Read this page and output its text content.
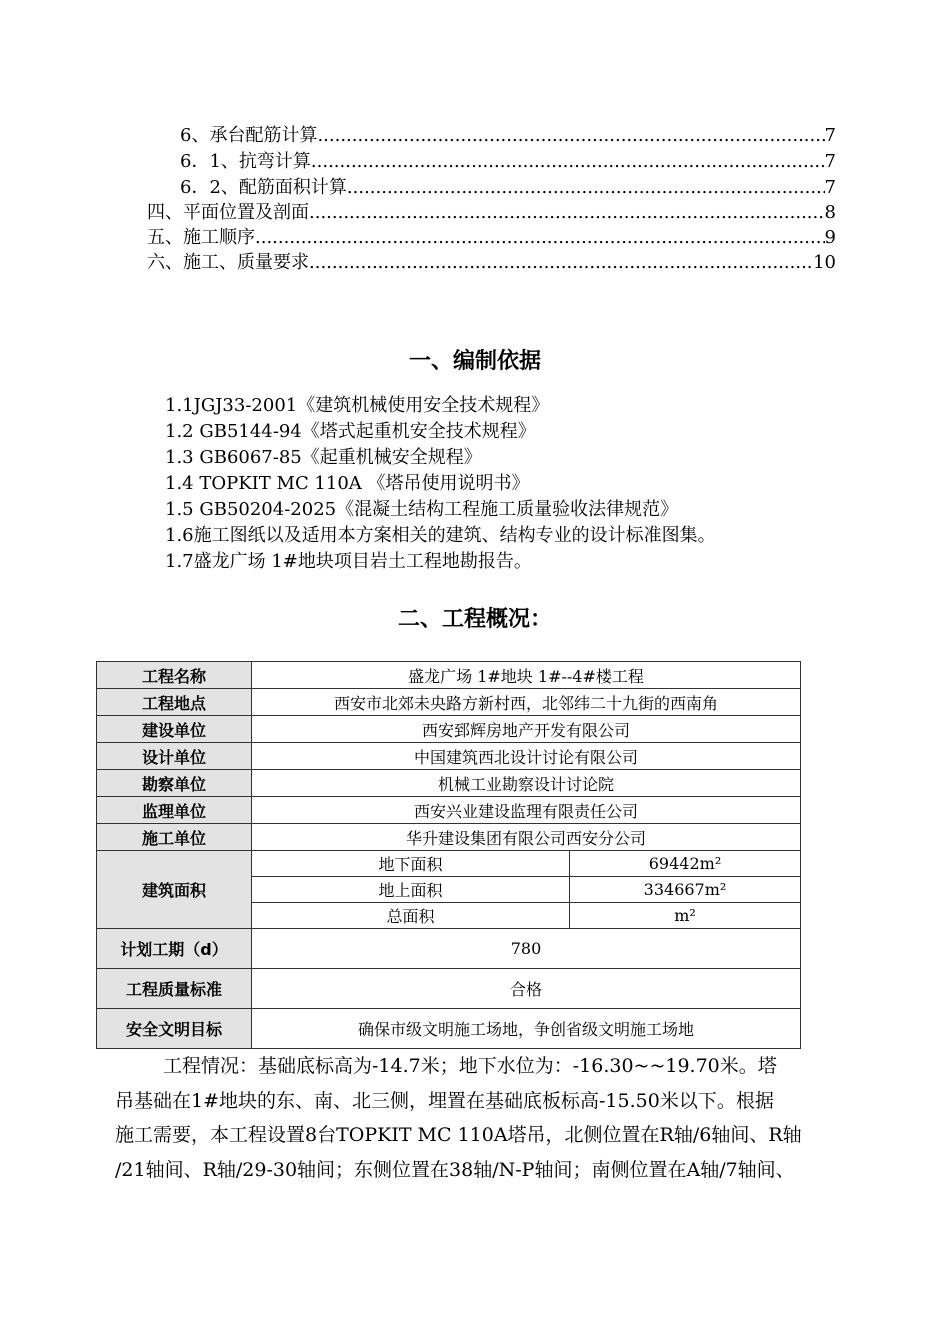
6、承台配筋计算 .....	7
6．1、抗弯计算 .....	7
6．2、配筋面积计算 .....	7
四、平面位置及剖面 .....	8
五、施工顺序 .....	9
六、施工、质量要求 .....	10
一、编制依据
1.1JGJ33-2001《建筑机械使用安全技术规程》
1.2 GB5144-94《塔式起重机安全技术规程》
1.3 GB6067-85《起重机械安全规程》
1.4 TOPKIT MC 110A 《塔吊使用说明书》
1.5 GB50204-2025《混凝土结构工程施工质量验收法律规范》
1.6施工图纸以及适用本方案相关的建筑、结构专业的设计标准图集。
1.7盛龙广场 1#地块项目岩土工程地勘报告。
二、工程概况：
工程名称	盛龙广场 1#地块 1#--4#楼工程	
工程地点	西安市北郊未央路方新村西，北邻纬二十九街的西南角	
建设单位	西安郅辉房地产开发有限公司	
设计单位	中国建筑西北设计讨论有限公司	
勘察单位	机械工业勘察设计讨论院	
监理单位	西安兴业建设监理有限责任公司	
施工单位	华升建设集团有限公司西安分公司	
建筑面积	地下面积	69442m²
	地上面积	334667m²
	总面积	m²
计划工期（d）	780	
工程质量标准	合格	
安全文明目标	确保市级文明施工场地，争创省级文明施工场地	
工程情况：基础底标高为-14.7米；地下水位为：-16.30~~19.70米。塔
吊基础在1#地块的东、南、北三侧，埋置在基础底板标高-15.50米以下。根据
施工需要，本工程设置8台TOPKIT MC 110A塔吊，北侧位置在R轴/6轴间、R轴
/21轴间、R轴/29-30轴间；东侧位置在38轴/N-P轴间；南侧位置在A轴/7轴间、
